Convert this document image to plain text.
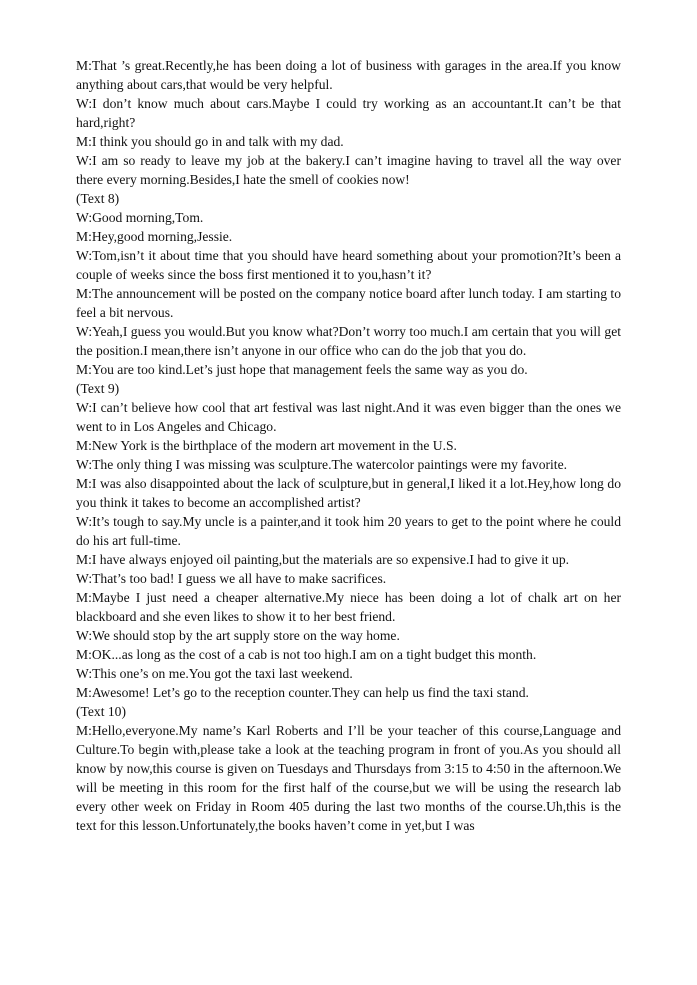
M:That ’s great.Recently,he has been doing a lot of business with garages in the area.If you know anything about cars,that would be very helpful.

W:I don’t know much about cars.Maybe I could try working as an accountant.It can’t be that hard,right?

M:I think you should go in and talk with my dad.

W:I am so ready to leave my job at the bakery.I can’t imagine having to travel all the way over there every morning.Besides,I hate the smell of cookies now!

(Text 8)

W:Good morning,Tom.

M:Hey,good morning,Jessie.

W:Tom,isn’t it about time that you should have heard something about your promotion?It’s been a couple of weeks since the boss first mentioned it to you,hasn’t it?

M:The announcement will be posted on the company notice board after lunch today. I am starting to feel a bit nervous.

W:Yeah,I guess you would.But you know what?Don’t worry too much.I am certain that you will get the position.I mean,there isn’t anyone in our office who can do the job that you do.

M:You are too kind.Let’s just hope that management feels the same way as you do.

(Text 9)

W:I can’t believe how cool that art festival was last night.And it was even bigger than the ones we went to in Los Angeles and Chicago.

M:New York is the birthplace of the modern art movement in the U.S.

W:The only thing I was missing was sculpture.The watercolor paintings were my favorite.

M:I was also disappointed about the lack of sculpture,but in general,I liked it a lot.Hey,how long do you think it takes to become an accomplished artist?

W:It’s tough to say.My uncle is a painter,and it took him 20 years to get to the point where he could do his art full-time.

M:I have always enjoyed oil painting,but the materials are so expensive.I had to give it up.

W:That’s too bad! I guess we all have to make sacrifices.

M:Maybe I just need a cheaper alternative.My niece has been doing a lot of chalk art on her blackboard and she even likes to show it to her best friend.

W:We should stop by the art supply store on the way home.

M:OK...as long as the cost of a cab is not too high.I am on a tight budget this month.

W:This one’s on me.You got the taxi last weekend.

M:Awesome! Let’s go to the reception counter.They can help us find the taxi stand.

(Text 10)

M:Hello,everyone.My name’s Karl Roberts and I’ll be your teacher of this course,Language and Culture.To begin with,please take a look at the teaching program in front of you.As you should all know by now,this course is given on Tuesdays and Thursdays from 3:15 to 4:50 in the afternoon.We will be meeting in this room for the first half of the course,but we will be using the research lab every other week on Friday in Room 405 during the last two months of the course.Uh,this is the text for this lesson.Unfortunately,the books haven’t come in yet,but I was
